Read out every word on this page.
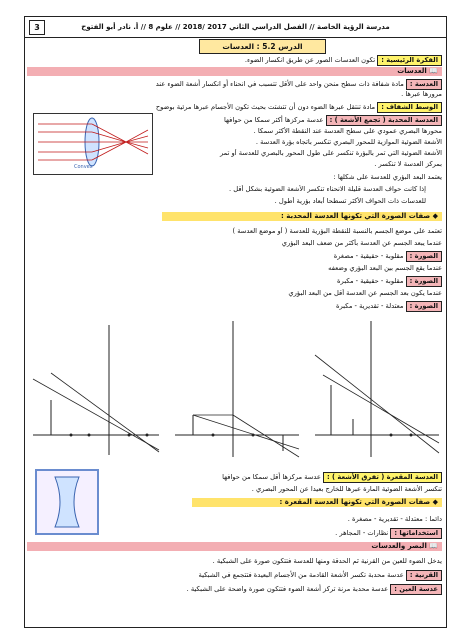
مدرسة الرؤية الخاصة // الفصل الدراسي الثاني 2017 /2018 // علوم 8 // أ. نادر أبو الفتوح
3
الدرس 5.2 : العدسات
الفكرة الرئيسية : تكون العدسات الصور عن طريق انكسار الضوء.
📖 العدسات
العدسة : مادة شفافة ذات سطح منحن واحد على الأقل تتسبب في انحناء أو انكسار أشعة الضوء عند
مرورها عبرها .
الوسط الشفاف : مادة تنتقل عبرها الضوء دون أن تتشتت بحيث تكون الأجسام عبرها مرئية بوضوح
العدسة المحدبة ( تجمع الأشعة ) : عدسة مركزها أكثر سمكا من حوافها
Convex
محورها البصري عمودي على سطح العدسة عند النقطة الأكثر سمكا .
الأشعة الضوئية الموازية للمحور البصري تنكسر باتجاه بؤرة العدسة .
الأشعة الضوئية التي تمر بالبؤرة تنكسر على طول المحور بالبصري للعدسة أو تمر
بمركز العدسة لا تنكسر .
يعتمد البعد البؤري للعدسة على شكلها :
إذا كانت حواف العدسة قليلة الانحناء تنكسر الأشعة الضوئية بشكل أقل .
للعدسات ذات الحواف الأكثر تسطحا أبعاد بؤرية أطول .
◆ صفات الصورة التي تكونها العدسة المحدبة :
تعتمد على موضع الجسم بالنسبة للنقطة البؤرية للعدسة ( أو موضع العدسة )
عندما يبعد الجسم عن العدسة بأكثر من ضعف البعد البؤري
الصورة : مقلوبة - حقيقية - مصغرة
عندما يقع الجسم بين البعد البؤري وضعفه
الصورة : مقلوبة - حقيقية - مكبرة
عندما يكون بعد الجسم عن العدسة أقل من البعد البؤري
الصورة : معتدلة - تقديرية - مكبرة
العدسة المقعرة ( تفرق الأشعة ) : عدسة مركزها أقل سمكا من حوافها
تنكسر الأشعة الضوئية المارة عبرها للخارج بعيدا عن المحور البصري .
◆ صفات الصورة التي تكونها العدسة المقعرة :
دائما : معتدلة - تقديرية - مصغرة .
استخداماتها : نظارات - المجاهر .
📖 البصر والعدسات
يدخل الضوء للعين من القرنية ثم الحدقة ومنها للعدسة فتتكون صورة على الشبكية .
القرنية : عدسة محدبة تكسر الأشعة القادمة من الأجسام البعيدة فتتجمع في الشبكية
عدسة العين : عدسة محدبة مرنة تركز أشعة الضوء فتتكون صورة واضحة على الشبكية .
